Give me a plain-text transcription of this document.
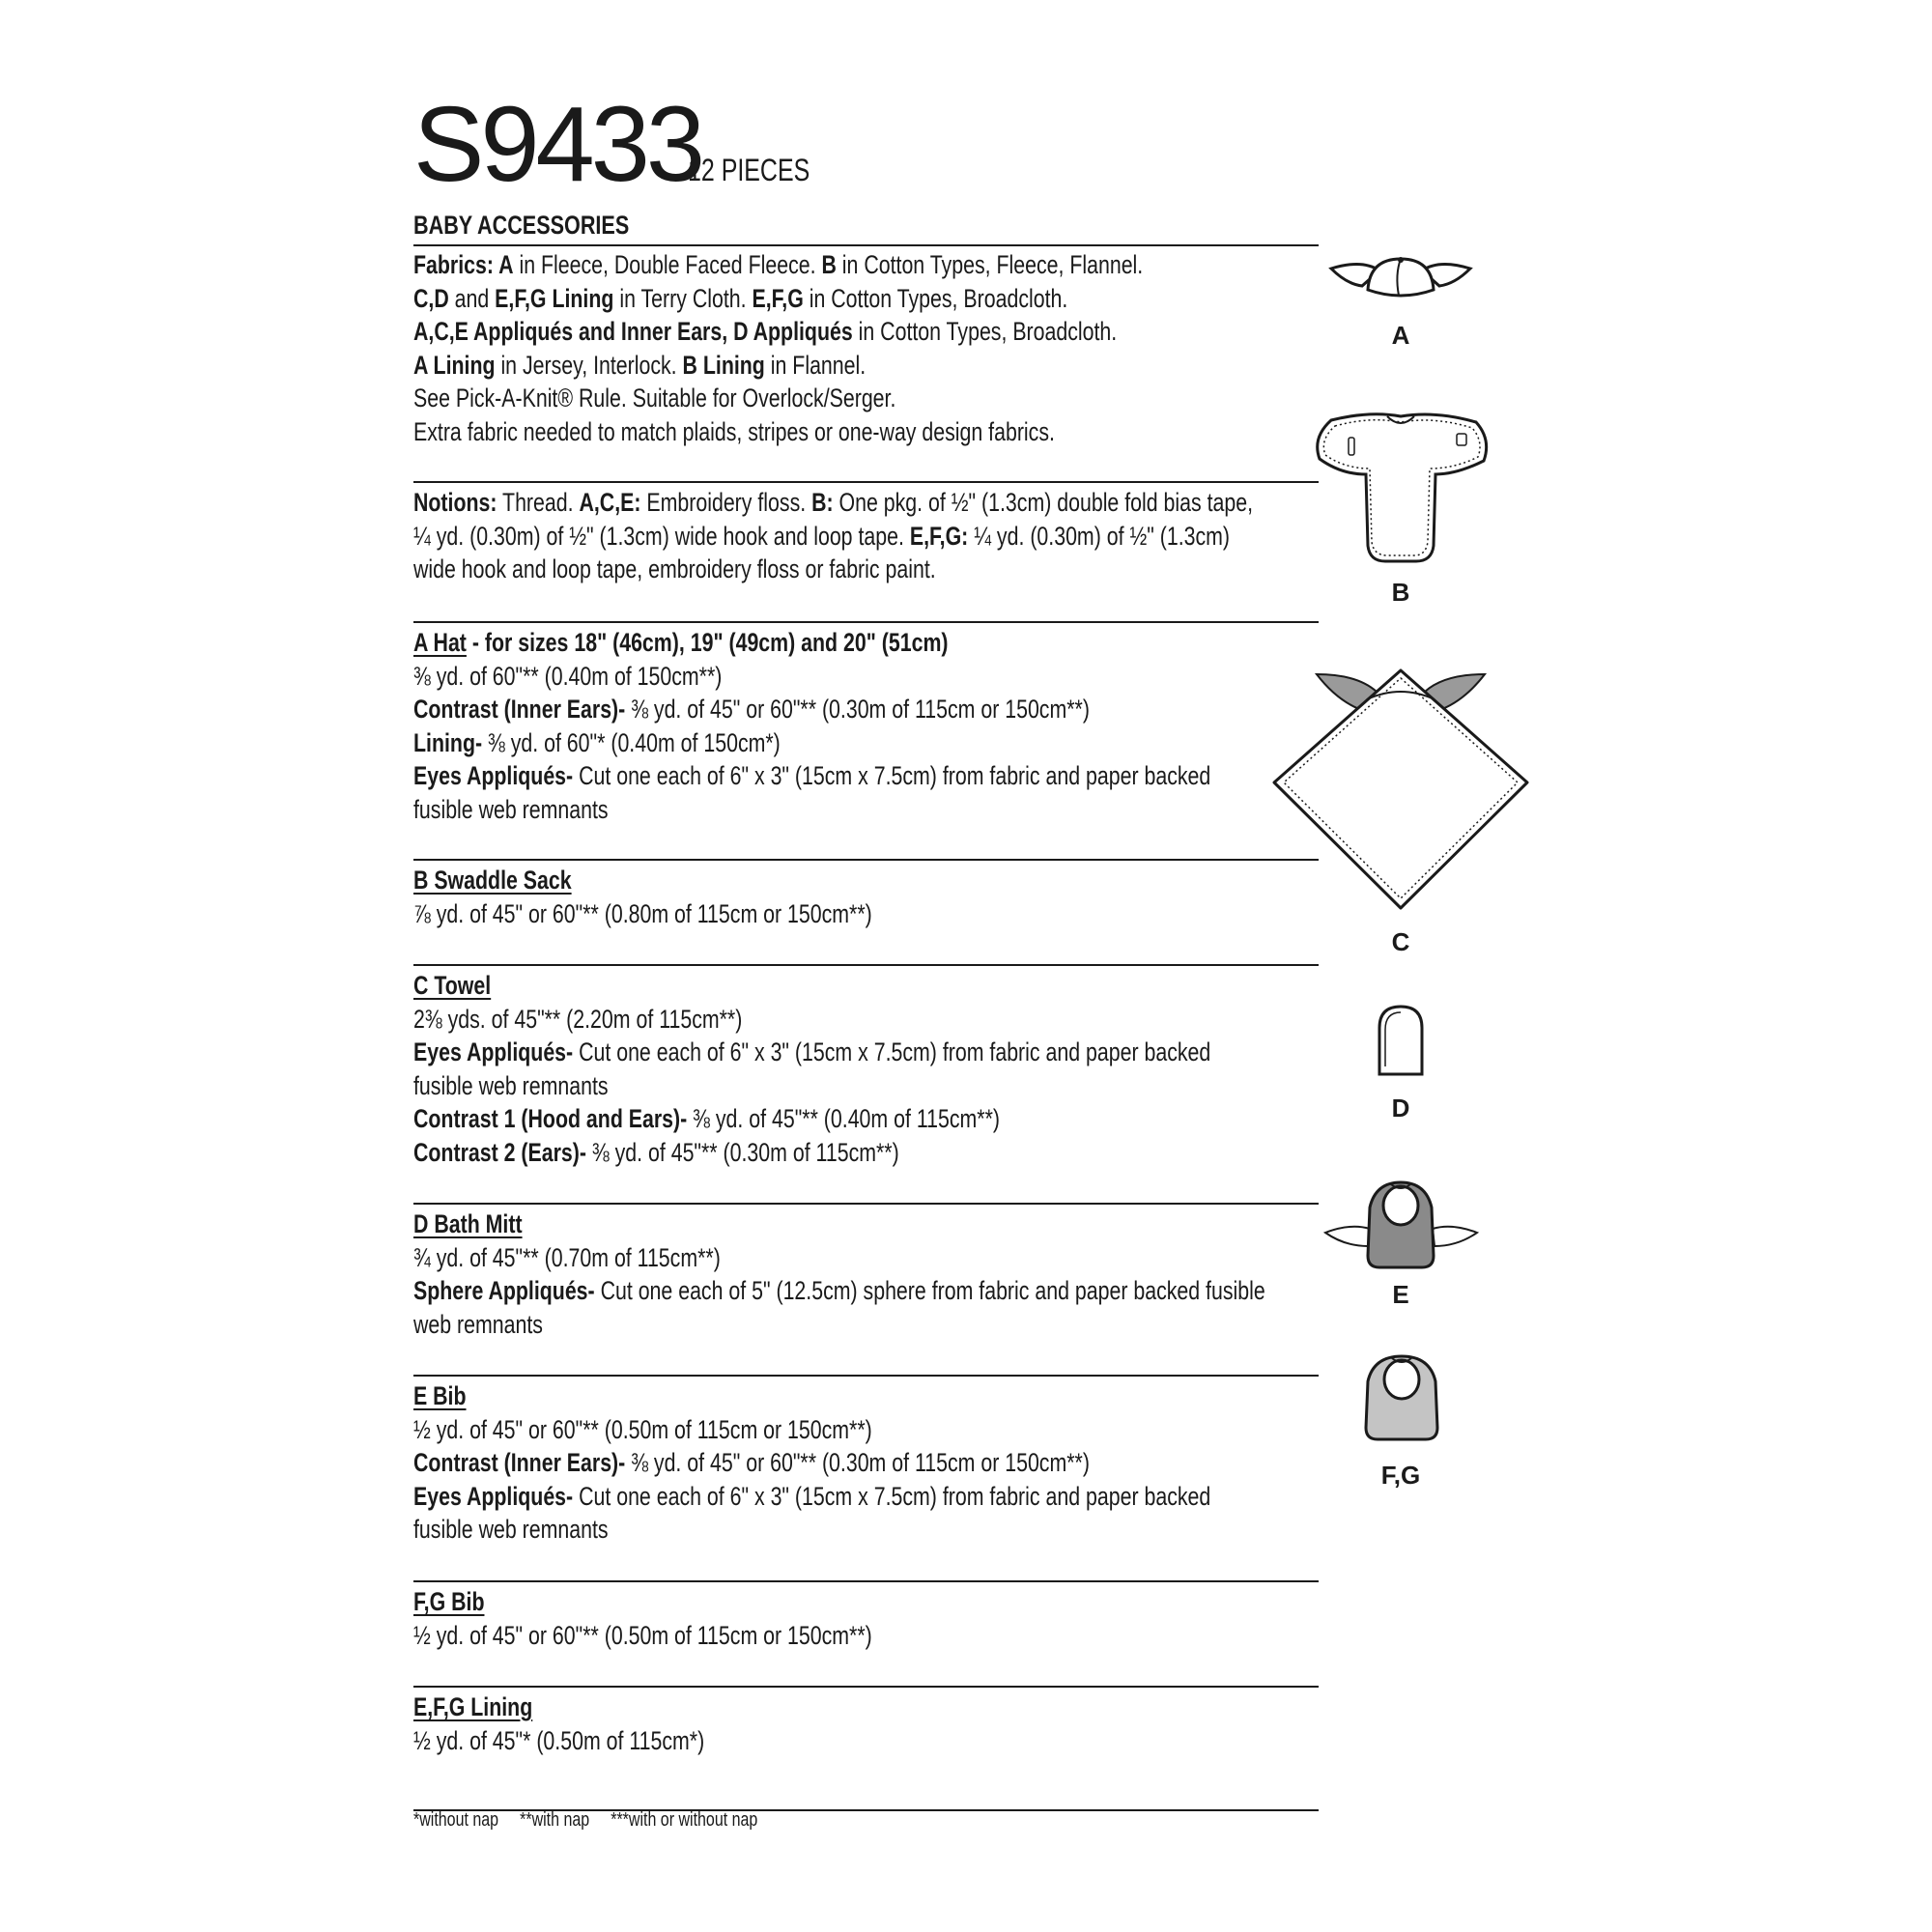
S9433
12 PIECES
BABY ACCESSORIES
Fabrics: A in Fleece, Double Faced Fleece. B in Cotton Types, Fleece, Flannel.
C,D and E,F,G Lining in Terry Cloth. E,F,G in Cotton Types, Broadcloth.
A,C,E Appliqués and Inner Ears, D Appliqués in Cotton Types, Broadcloth.
A Lining in Jersey, Interlock. B Lining in Flannel.
See Pick-A-Knit® Rule. Suitable for Overlock/Serger.
Extra fabric needed to match plaids, stripes or one-way design fabrics.
Notions: Thread. A,C,E: Embroidery floss. B: One pkg. of ½" (1.3cm) double fold bias tape,
¼ yd. (0.30m) of ½" (1.3cm) wide hook and loop tape. E,F,G: ¼ yd. (0.30m) of ½" (1.3cm)
wide hook and loop tape, embroidery floss or fabric paint.
A Hat - for sizes 18" (46cm), 19" (49cm) and 20" (51cm)
⅜ yd. of 60"** (0.40m of 150cm**)
Contrast (Inner Ears)- ⅜ yd. of 45" or 60"** (0.30m of 115cm or 150cm**)
Lining- ⅜ yd. of 60"* (0.40m of 150cm*)
Eyes Appliqués- Cut one each of 6" x 3" (15cm x 7.5cm) from fabric and paper backed
fusible web remnants
B Swaddle Sack
⅞ yd. of 45" or 60"** (0.80m of 115cm or 150cm**)
C Towel
2⅜ yds. of 45"** (2.20m of 115cm**)
Eyes Appliqués- Cut one each of 6" x 3" (15cm x 7.5cm) from fabric and paper backed
fusible web remnants
Contrast 1 (Hood and Ears)- ⅜ yd. of 45"** (0.40m of 115cm**)
Contrast 2 (Ears)- ⅜ yd. of 45"** (0.30m of 115cm**)
D Bath Mitt
¾ yd. of 45"** (0.70m of 115cm**)
Sphere Appliqués- Cut one each of 5" (12.5cm) sphere from fabric and paper backed fusible
web remnants
E Bib
½ yd. of 45" or 60"** (0.50m of 115cm or 150cm**)
Contrast (Inner Ears)- ⅜ yd. of 45" or 60"** (0.30m of 115cm or 150cm**)
Eyes Appliqués- Cut one each of 6" x 3" (15cm x 7.5cm) from fabric and paper backed
fusible web remnants
F,G Bib
½ yd. of 45" or 60"** (0.50m of 115cm or 150cm**)
E,F,G Lining
½ yd. of 45"* (0.50m of 115cm*)
*without nap **with nap ***with or without nap
A
B
C
D
E
F,G
